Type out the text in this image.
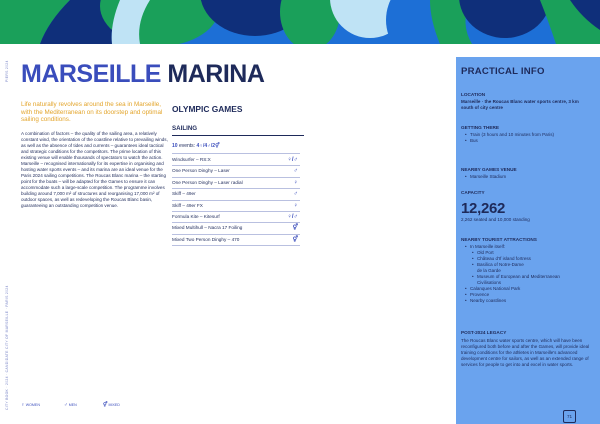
PIERS 2024
CITY BOOK · 2024 · CANDIDATE CITY OF MARSEILLE · PARIS 2024
MARSEILLE MARINA
Life naturally revolves around the sea in Marseille, with the Mediterranean on its doorstep and optimal sailing conditions.
A combination of factors – the quality of the sailing area, a relatively constant wind, the orientation of the coastline relative to prevailing winds, as well as the absence of tides and currents – guarantees ideal tactical and strategic conditions for the competitors. The prime location of this existing venue will enable thousands of spectators to watch the action. Marseille – recognised internationally for its expertise in organising and hosting water sports events – and its marina are an ideal venue for the Paris 2024 sailing competitions. The Roucas Blanc marina – the starting point for the boats – will be adapted for the Games to ensure it can accommodate such a large-scale competition. The programme involves building around 7,000 m² of structures and reorganising 17,000 m² of outdoor spaces, as well as redeveloping the Roucas Blanc basin, guaranteeing an outstanding competition venue.
OLYMPIC GAMES
SAILING
10 events: 4♀/4♂/2⚥
Windsurfer – RS:X	♀/♂
One Person Dinghy – Laser	♂
One Person Dinghy – Laser radial	♀
Skiff – 49er	♂
Skiff – 49er FX	♀
Formula Kite – Kitesurf	♀/♂
Mixed Multihull – Nacra 17 Foiling	⚥
Mixed Two Person Dinghy – 470	⚥
PRACTICAL INFO
LOCATION
Marseille · the Roucas Blanc water sports centre, 3 km south of city centre
GETTING THERE
• Train (3 hours and 10 minutes from Paris)
• Bus
NEARBY GAMES VENUE
• Marseille Stadium
CAPACITY
12,262
2,262 seated and 10,000 standing
NEARBY TOURIST ATTRACTIONS
• In Marseille itself:
• Old Port
• Château d'If island fortress
• Basilica of Notre-Dame
de la Garde
• Museum of European and Mediterranean
Civilisations
• Calanques National Park
• Provence
• Nearby coastlines
POST-2024 LEGACY
The Roucas Blanc water sports centre, which will have been reconfigured both before and after the Games, will provide ideal training conditions for the athletes in Marseille's advanced development centre for sailors, as well as an extended range of services for people to get into and excel in water sports.
71
♀ WOMEN	♂ MEN	⚥ MIXED
